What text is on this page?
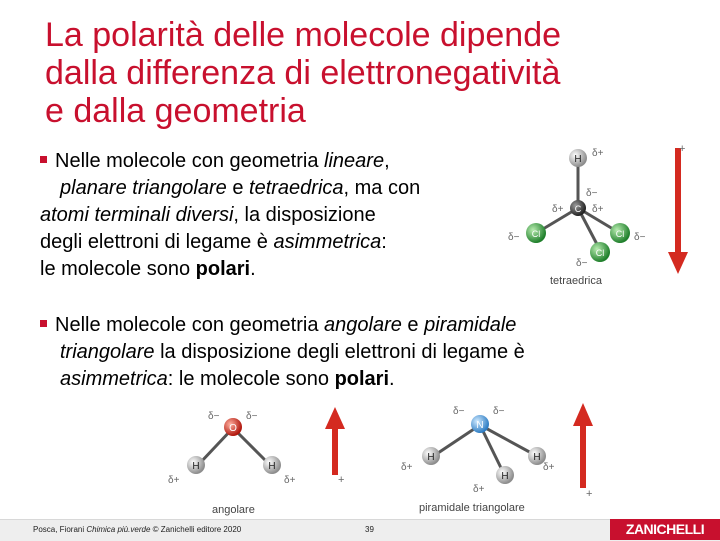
La polarità delle molecole dipende
dalla differenza di elettronegatività
e dalla geometria
Nelle molecole con geometria lineare,
planare triangolare e tetraedrica, ma con
atomi terminali diversi, la disposizione
degli elettroni di legame è asimmetrica:
le molecole sono polari.
Nelle molecole con geometria angolare e piramidale
triangolare la disposizione degli elettroni di legame è
asimmetrica: le molecole sono polari.
H
C
Cl	Cl
Cl
δ+
δ−
δ+	δ+
δ−	δ−
δ−
tetraedrica
+
O
H	H
δ−	δ−
δ+	δ+
angolare
+
N
H	H
H
δ−	δ−
δ+	δ+
δ+
piramidale triangolare
+
Posca, Fiorani Chimica più.verde © Zanichelli editore 2020	39	ZANICHELLI
